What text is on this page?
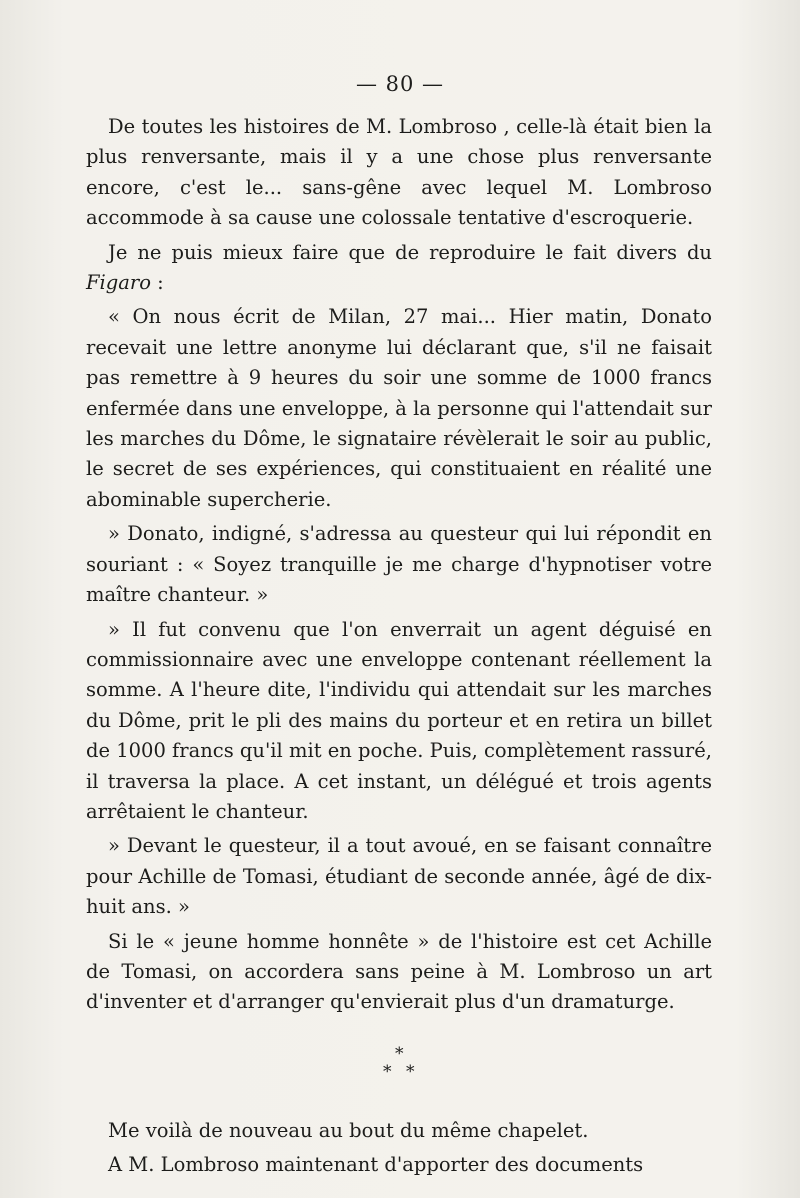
— 80 —

De toutes les histoires de M. Lombroso , celle-là était bien la plus renversante, mais il y a une chose plus renversante encore, c'est le... sans-gêne avec lequel M. Lombroso accommode à sa cause une colossale tentative d'escroquerie.

Je ne puis mieux faire que de reproduire le fait divers du Figaro :

« On nous écrit de Milan, 27 mai... Hier matin, Donato recevait une lettre anonyme lui déclarant que, s'il ne faisait pas remettre à 9 heures du soir une somme de 1000 francs enfermée dans une enveloppe, à la personne qui l'attendait sur les marches du Dôme, le signataire révèlerait le soir au public, le secret de ses expériences, qui constituaient en réalité une abominable supercherie.

» Donato, indigné, s'adressa au questeur qui lui répondit en souriant : « Soyez tranquille je me charge d'hypnotiser votre maître chanteur. »

» Il fut convenu que l'on enverrait un agent déguisé en commissionnaire avec une enveloppe contenant réellement la somme. A l'heure dite, l'individu qui attendait sur les marches du Dôme, prit le pli des mains du porteur et en retira un billet de 1000 francs qu'il mit en poche. Puis, complètement rassuré, il traversa la place. A cet instant, un délégué et trois agents arrêtaient le chanteur.

» Devant le questeur, il a tout avoué, en se faisant connaître pour Achille de Tomasi, étudiant de seconde année, âgé de dix-huit ans. »

Si le « jeune homme honnête » de l'histoire est cet Achille de Tomasi, on accordera sans peine à M. Lombroso un art d'inventer et d'arranger qu'envierait plus d'un dramaturge.

*
* *

Me voilà de nouveau au bout du même chapelet.

A M. Lombroso maintenant d'apporter des documents
